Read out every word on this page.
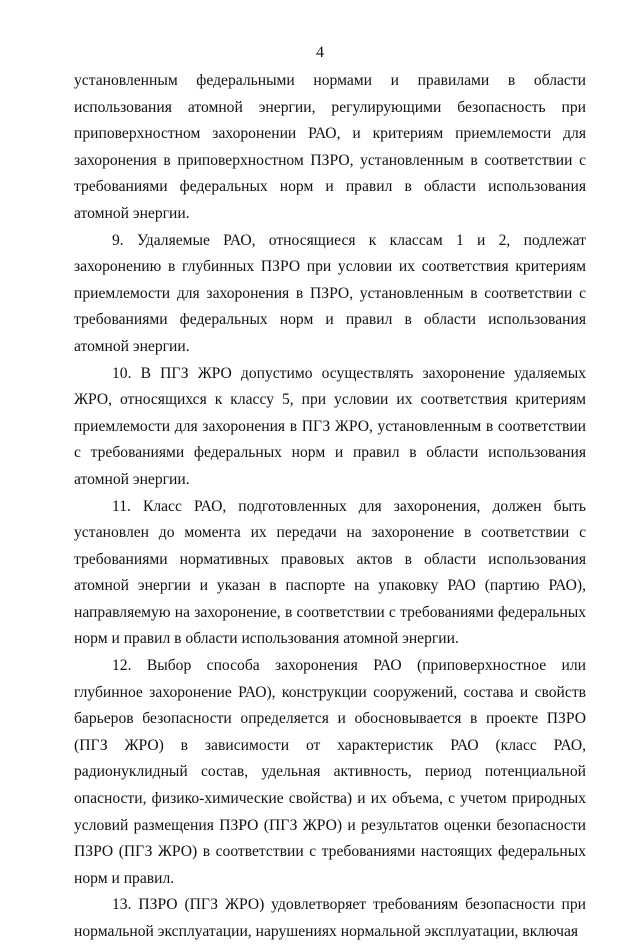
4

установленным федеральными нормами и правилами в области использования атомной энергии, регулирующими безопасность при приповерхностном захоронении РАО, и критериям приемлемости для захоронения в приповерхностном ПЗРО, установленным в соответствии с требованиями федеральных норм и правил в области использования атомной энергии.

9. Удаляемые РАО, относящиеся к классам 1 и 2, подлежат захоронению в глубинных ПЗРО при условии их соответствия критериям приемлемости для захоронения в ПЗРО, установленным в соответствии с требованиями федеральных норм и правил в области использования атомной энергии.

10. В ПГЗ ЖРО допустимо осуществлять захоронение удаляемых ЖРО, относящихся к классу 5, при условии их соответствия критериям приемлемости для захоронения в ПГЗ ЖРО, установленным в соответствии с требованиями федеральных норм и правил в области использования атомной энергии.

11. Класс РАО, подготовленных для захоронения, должен быть установлен до момента их передачи на захоронение в соответствии с требованиями нормативных правовых актов в области использования атомной энергии и указан в паспорте на упаковку РАО (партию РАО), направляемую на захоронение, в соответствии с требованиями федеральных норм и правил в области использования атомной энергии.

12. Выбор способа захоронения РАО (приповерхностное или глубинное захоронение РАО), конструкции сооружений, состава и свойств барьеров безопасности определяется и обосновывается в проекте ПЗРО (ПГЗ ЖРО) в зависимости от характеристик РАО (класс РАО, радионуклидный состав, удельная активность, период потенциальной опасности, физико-химические свойства) и их объема, с учетом природных условий размещения ПЗРО (ПГЗ ЖРО) и результатов оценки безопасности ПЗРО (ПГЗ ЖРО) в соответствии с требованиями настоящих федеральных норм и правил.

13. ПЗРО (ПГЗ ЖРО) удовлетворяет требованиям безопасности при нормальной эксплуатации, нарушениях нормальной эксплуатации, включая
